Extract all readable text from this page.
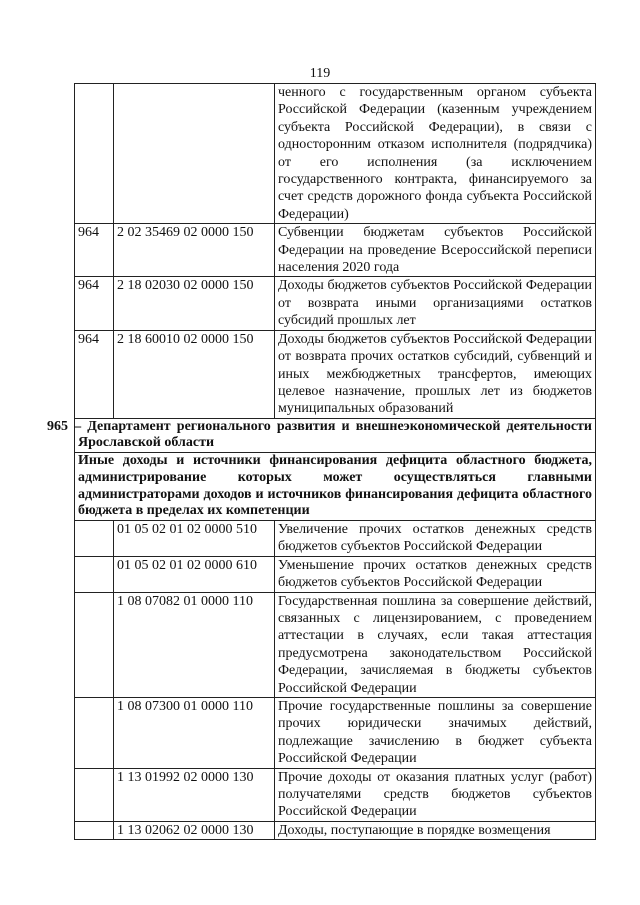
119
		ченного с государственным органом субъекта Российской Федерации (казенным учреждением субъекта Российской Федерации), в связи с односторонним отказом исполнителя (подрядчика) от его исполнения (за исключением государственного контракта, финансируемого за счет средств дорожного фонда субъекта Российской Федерации)
964	2 02 35469 02 0000 150	Субвенции бюджетам субъектов Российской Федерации на проведение Всероссийской переписи населения 2020 года
964	2 18 02030 02 0000 150	Доходы бюджетов субъектов Российской Федерации от возврата иными организациями остатков субсидий прошлых лет
964	2 18 60010 02 0000 150	Доходы бюджетов субъектов Российской Федерации от возврата прочих остатков субсидий, субвенций и иных межбюджетных трансфертов, имеющих целевое назначение, прошлых лет из бюджетов муниципальных образований
965 – Департамент регионального развития и внешнеэкономической деятельности Ярославской области		
Иные доходы и источники финансирования дефицита областного бюджета, администрирование которых может осуществляться главными администраторами доходов и источников финансирования дефицита областного бюджета в пределах их компетенции		
	01 05 02 01 02 0000 510	Увеличение прочих остатков денежных средств бюджетов субъектов Российской Федерации
	01 05 02 01 02 0000 610	Уменьшение прочих остатков денежных средств бюджетов субъектов Российской Федерации
	1 08 07082 01 0000 110	Государственная пошлина за совершение действий, связанных с лицензированием, с проведением аттестации в случаях, если такая аттестация предусмотрена законодательством Российской Федерации, зачисляемая в бюджеты субъектов Российской Федерации
	1 08 07300 01 0000 110	Прочие государственные пошлины за совершение прочих юридически значимых действий, подлежащие зачислению в бюджет субъекта Российской Федерации
	1 13 01992 02 0000 130	Прочие доходы от оказания платных услуг (работ) получателями средств бюджетов субъектов Российской Федерации
	1 13 02062 02 0000 130	Доходы, поступающие в порядке возмещения
